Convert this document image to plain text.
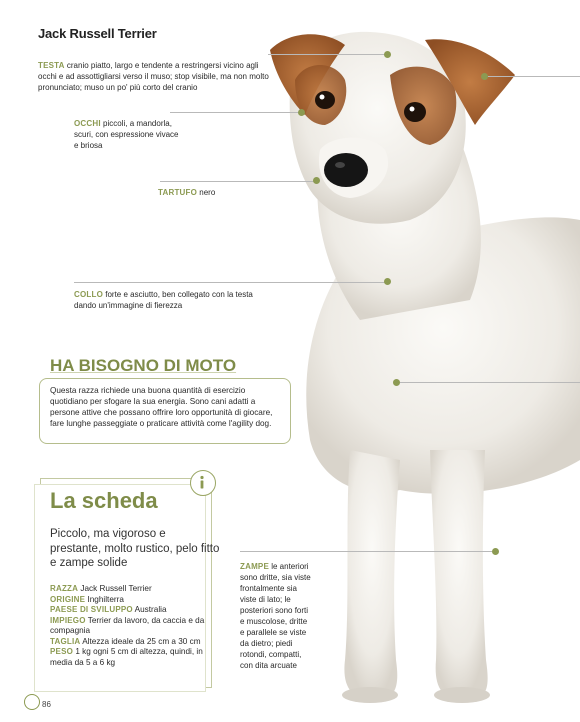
Jack Russell Terrier
TESTA cranio piatto, largo e tendente a restringersi vicino agli occhi e ad assottigliarsi verso il muso; stop visibile, ma non molto pronunciato; muso un po' più corto del cranio
OCCHI piccoli, a mandorla, scuri, con espressione vivace e briosa
TARTUFO nero
COLLO forte e asciutto, ben collegato con la testa dando un'immagine di fierezza
HA BISOGNO DI MOTO
Questa razza richiede una buona quantità di esercizio quotidiano per sfogare la sua energia. Sono cani adatti a persone attive che possano offrire loro opportunità di giocare, fare lunghe passeggiate o praticare attività come l'agility dog.
La scheda
Piccolo, ma vigoroso e prestante, molto rustico, pelo fitto e zampe solide

RAZZA Jack Russell Terrier

ORIGINE Inghilterra

PAESE DI SVILUPPO Australia

IMPIEGO Terrier da lavoro, da caccia e da compagnia

TAGLIA Altezza ideale da 25 cm a 30 cm

PESO 1 kg ogni 5 cm di altezza, quindi, in media da 5 a 6 kg

ZAMPE le anteriori sono dritte, sia viste frontalmente sia viste di lato; le posteriori sono forti e muscolose, dritte e parallele se viste da dietro; piedi rotondi, compatti, con dita arcuate
86
